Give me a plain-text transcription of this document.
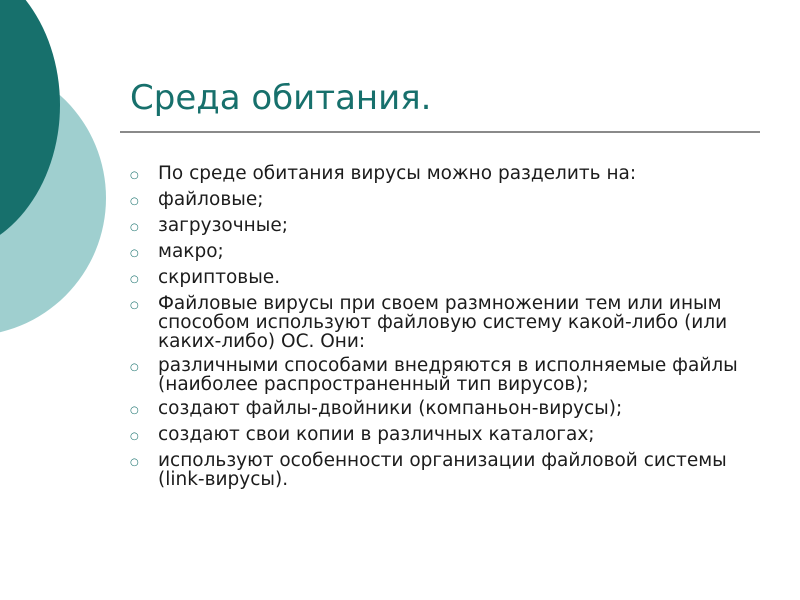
Среда обитания.
○	По среде обитания вирусы можно разделить на:
○	файловые;
○	загрузочные;
○	макро;
○	скриптовые.
○	Файловые вирусы при своем размножении тем или иным способом используют файловую систему какой-либо (или каких-либо) ОС. Они:
○	различными способами внедряются в исполняемые файлы (наиболее распространенный тип вирусов);
○	создают файлы-двойники (компаньон-вирусы);
○	создают свои копии в различных каталогах;
○	используют особенности организации файловой системы (link-вирусы).
